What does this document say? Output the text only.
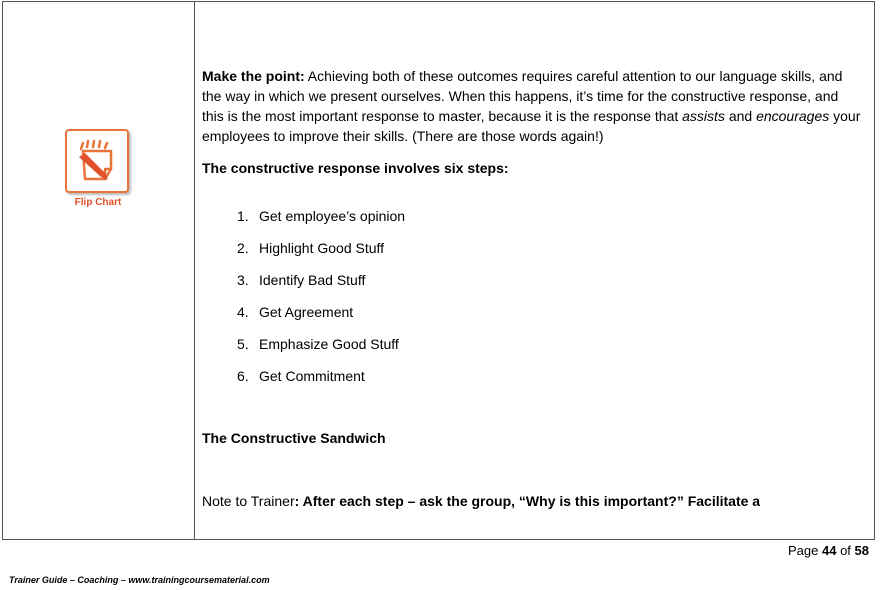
Flip Chart

Make the point: Achieving both of these outcomes requires careful attention to our language skills, and the way in which we present ourselves. When this happens, it’s time for the constructive response, and this is the most important response to master, because it is the response that assists and encourages your employees to improve their skills. (There are those words again!)

The constructive response involves six steps:

1. Get employee’s opinion
2. Highlight Good Stuff
3. Identify Bad Stuff
4. Get Agreement
5. Emphasize Good Stuff
6. Get Commitment
The Constructive Sandwich
Note to Trainer: After each step – ask the group, “Why is this important?” Facilitate a
Page 44 of 58
Trainer Guide – Coaching – www.trainingcoursematerial.com
